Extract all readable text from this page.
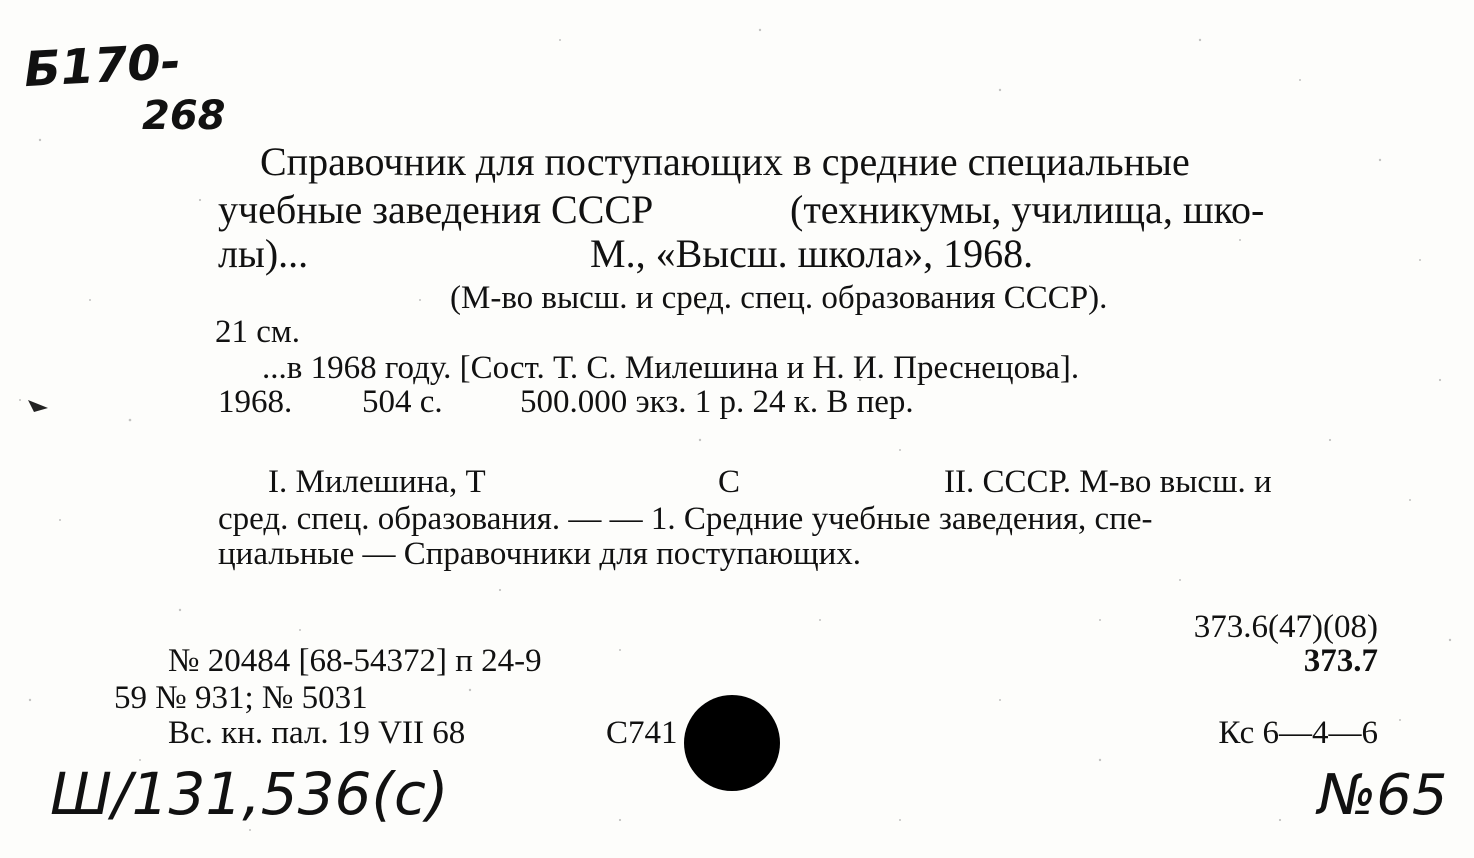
Б170-
268
Справочник для поступающих в средние специальные
учебные заведения СССР	(техникумы, училища, шко-
лы)...	М., «Высш. школа», 1968.
(М-во высш. и сред. спец. образования СССР).
21 см.
...в 1968 году. [Сост. Т. С. Милешина и Н. И. Преснецова].
1968. 504 с. 500.000 экз. 1 р. 24 к. В пер.
I. Милешина, Т	С	II. СССР. М-во высш. и
сред. спец. образования. — — 1. Средние учебные заведения, спе-
циальные — Справочники для поступающих.
373.6(47)(08)
373.7
Кс 6—4—6
№ 20484 [68-54372] п 24-9
59 № 931; № 5031
Вс. кн. пал. 19 VII 68	С741
Ш/131,536(с)	№65
